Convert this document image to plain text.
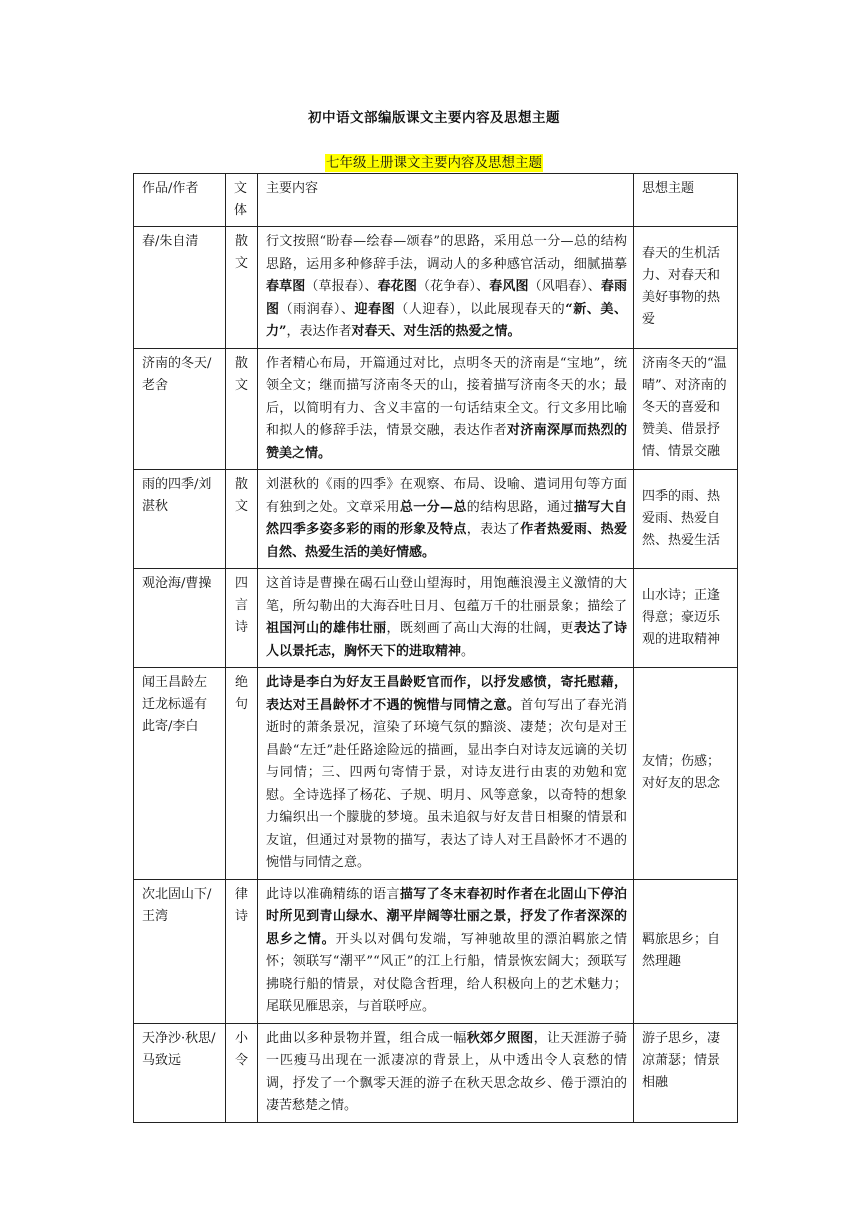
初中语文部编版课文主要内容及思想主题
七年级上册课文主要内容及思想主题
作品/作者	文体	主要内容	思想主题
春/朱自清	散文	行文按照“盼春—绘春—颂春”的思路，采用总一分—总的结构思路，运用多种修辞手法，调动人的多种感官活动，细腻描摹春草图（草报春）、春花图（花争春）、春风图（风唱春）、春雨图（雨润春）、迎春图（人迎春），以此展现春天的“新、美、力”，表达作者对春天、对生活的热爱之情。	春天的生机活力、对春天和美好事物的热爱
济南的冬天/老舍	散文	作者精心布局，开篇通过对比，点明冬天的济南是“宝地”，统领全文；继而描写济南冬天的山，接着描写济南冬天的水；最后，以简明有力、含义丰富的一句话结束全文。行文多用比喻和拟人的修辞手法，情景交融，表达作者对济南深厚而热烈的赞美之情。	济南冬天的“温晴”、对济南的冬天的喜爱和赞美、借景抒情、情景交融
雨的四季/刘湛秋	散文	刘湛秋的《雨的四季》在观察、布局、设喻、遣词用句等方面有独到之处。文章采用总一分—总的结构思路，通过描写大自然四季多姿多彩的雨的形象及特点，表达了作者热爱雨、热爱自然、热爱生活的美好情感。	四季的雨、热爱雨、热爱自然、热爱生活
观沧海/曹操	四言诗	这首诗是曹操在碣石山登山望海时，用饱蘸浪漫主义激情的大笔，所勾勒出的大海吞吐日月、包蕴万千的壮丽景象；描绘了祖国河山的雄伟壮丽，既刻画了高山大海的壮阔，更表达了诗人以景托志，胸怀天下的进取精神。	山水诗；正逢得意；豪迈乐观的进取精神
闻王昌龄左迁龙标遥有此寄/李白	绝句	此诗是李白为好友王昌龄贬官而作，以抒发感愤，寄托慰藉，表达对王昌龄怀才不遇的惋惜与同情之意。首句写出了春光消逝时的萧条景况，渲染了环境气氛的黯淡、凄楚；次句是对王昌龄“左迁”赴任路途险远的描画，显出李白对诗友远谪的关切与同情；三、四两句寄情于景，对诗友进行由衷的劝勉和宽慰。全诗选择了杨花、子规、明月、风等意象，以奇特的想象力编织出一个朦胧的梦境。虽未追叙与好友昔日相聚的情景和友谊，但通过对景物的描写，表达了诗人对王昌龄怀才不遇的惋惜与同情之意。	友情；伤感；对好友的思念
次北固山下/王湾	律诗	此诗以准确精练的语言描写了冬末春初时作者在北固山下停泊时所见到青山绿水、潮平岸阔等壮丽之景，抒发了作者深深的思乡之情。开头以对偶句发端，写神驰故里的漂泊羁旅之情怀；领联写“潮平”“风正”的江上行船，情景恢宏阔大；颈联写拂晓行船的情景，对仗隐含哲理，给人积极向上的艺术魅力；尾联见雁思亲，与首联呼应。	羁旅思乡；自然理趣
天净沙·秋思/马致远	小令	此曲以多种景物并置，组合成一幅秋郊夕照图，让天涯游子骑一匹瘦马出现在一派凄凉的背景上，从中透出令人哀愁的情调，抒发了一个飘零天涯的游子在秋天思念故乡、倦于漂泊的凄苦愁楚之情。	游子思乡，凄凉萧瑟；情景相融
